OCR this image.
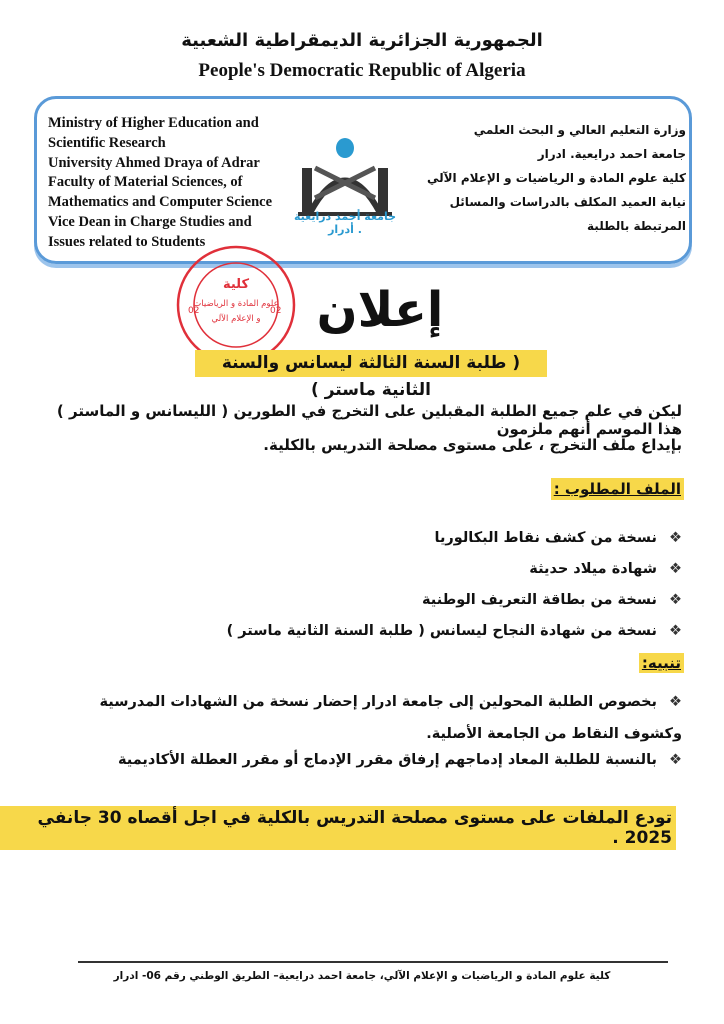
الجمهورية الجزائرية الديمقراطية الشعبية
People's Democratic Republic of Algeria
Ministry of Higher Education and
Scientific Research
University Ahmed Draya of Adrar
Faculty of Material Sciences, of
Mathematics and Computer Science
Vice Dean in Charge Studies and
Issues related to Students
وزارة التعليم العالي و البحث العلمي
جامعة احمد درايعية. ادرار
كلية علوم المادة و الرياضيات و الإعلام الآلي
نيابة العميد المكلف بالدراسات والمسائل
المرتبطة بالطلبة
جامعة أحمد درايعية . أدرار
كلية
علوم المادة و الرياضيات
و الإعلام الآلي
02	02 إعلان
( طلبة السنة الثالثة ليسانس والسنة الثانية ماستر )
ليكن في علم جميع الطلبة المقبلين على التخرج في الطورين ( الليسانس و الماستر ) هذا الموسم أنهم ملزمون
بإيداع ملف التخرج ، على مستوى مصلحة التدريس بالكلية.
الملف المطلوب :
❖نسخة من كشف نقاط البكالوريا
❖شهادة ميلاد حديثة
❖نسخة من بطاقة التعريف الوطنية
❖نسخة من شهادة النجاح ليسانس ( طلبة السنة الثانية ماستر )
تنبيه:
❖بخصوص الطلبة المحولين إلى جامعة ادرار إحضار نسخة من الشهادات المدرسية وكشوف النقاط من الجامعة الأصلية.
❖بالنسبة للطلبة المعاد إدماجهم إرفاق مقرر الإدماج أو مقرر العطلة الأكاديمية
تودع الملفات على مستوى مصلحة التدريس بالكلية في اجل أقصاه 30 جانفي 2025 .
كلية علوم المادة و الرياضيات و الإعلام الآلي، جامعة احمد درايعية– الطريق الوطني رقم 06- ادرار
